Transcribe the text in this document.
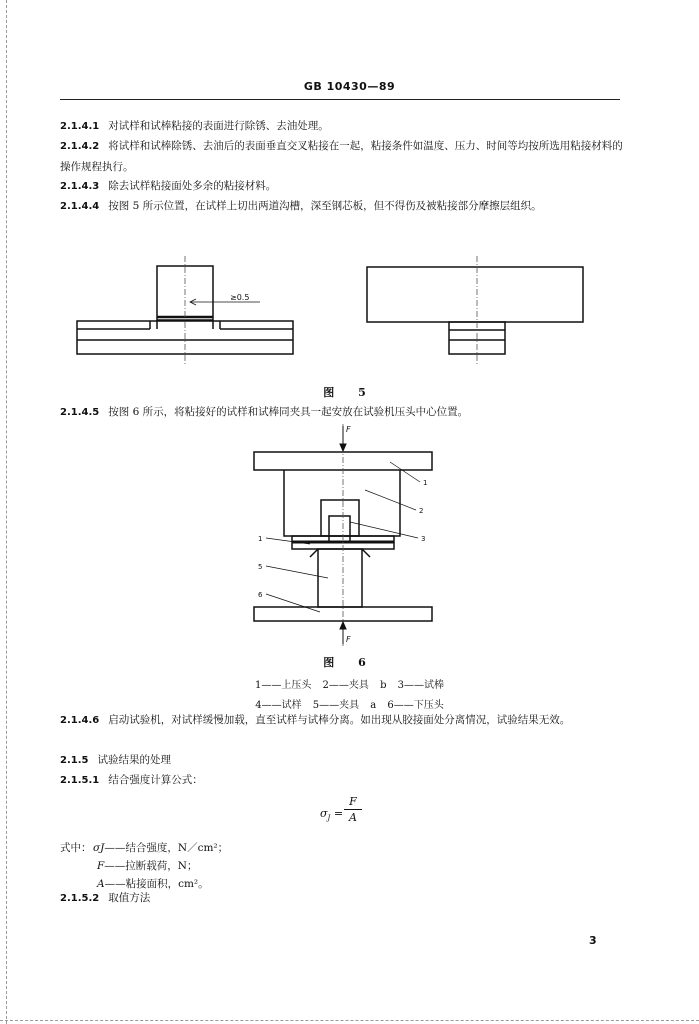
GB 10430—89
2.1.4.1 对试样和试棒粘接的表面进行除锈、去油处理。
2.1.4.2 将试样和试棒除锈、去油后的表面垂直交叉粘接在一起，粘接条件如温度、压力、时间等均按所选用粘接材料的操作规程执行。
2.1.4.3 除去试样粘接面处多余的粘接材料。
2.1.4.4 按图 5 所示位置，在试样上切出两道沟槽，深至钢芯板，但不得伤及被粘接部分摩擦层组织。
≥0.5
图 5
2.1.4.5 按图 6 所示，将粘接好的试样和试棒同夹具一起安放在试验机压头中心位置。
F
F
1
2
3
1
5
6
图 6
1——上压头 2——夹具 b 3——试棒
4——试样 5——夹具 a 6——下压头
2.1.4.6 启动试验机，对试样缓慢加载，直至试样与试棒分离。如出现从胶接面处分离情况，试验结果无效。
2.1.5 试验结果的处理
2.1.5.1 结合强度计算公式：
$\sigma_J$ =
F
A
式中： σJ——结合强度，N／cm²；
F——拉断载荷，N；
A——粘接面积，cm²。
2.1.5.2 取值方法
3
